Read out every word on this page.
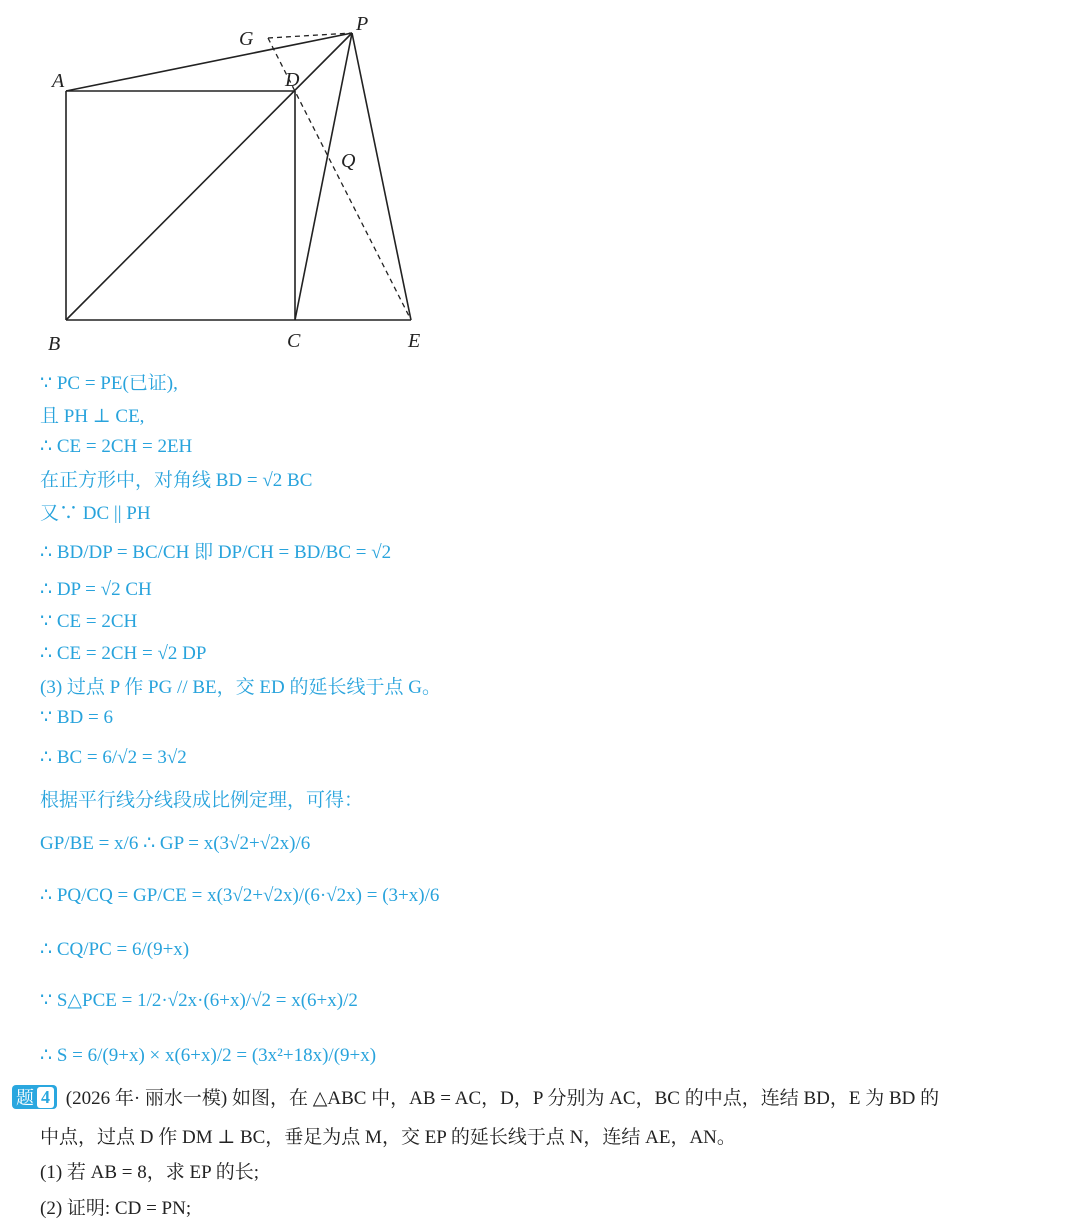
A
B	C
D
E
G
P
Q
∵ PC = PE(已证),
且 PH ⊥ CE,
∴ CE = 2CH = 2EH
在正方形中，对角线 BD = √2 BC
又∵ DC || PH
∴ BD/DP = BC/CH 即 DP/CH = BD/BC = √2
∴ DP = √2 CH
∵ CE = 2CH
∴ CE = 2CH = √2 DP
(3) 过点 P 作 PG // BE，交 ED 的延长线于点 G。
∵ BD = 6
∴ BC = 6/√2 = 3√2
根据平行线分线段成比例定理，可得：
GP/BE = x/6 ∴ GP = x(3√2+√2x)/6
∴ PQ/CQ = GP/CE = x(3√2+√2x)/(6·√2x) = (3+x)/6
∴ CQ/PC = 6/(9+x)
∵ S△PCE = 1/2·√2x·(6+x)/√2 = x(6+x)/2
∴ S = 6/(9+x) × x(6+x)/2 = (3x²+18x)/(9+x)
题 4 (2026 年· 丽水一模) 如图，在 △ABC 中，AB = AC，D，P 分别为 AC，BC 的中点，连结 BD，E 为 BD 的
中点，过点 D 作 DM ⊥ BC，垂足为点 M，交 EP 的延长线于点 N，连结 AE，AN。
(1) 若 AB = 8，求 EP 的长;
(2) 证明: CD = PN;
